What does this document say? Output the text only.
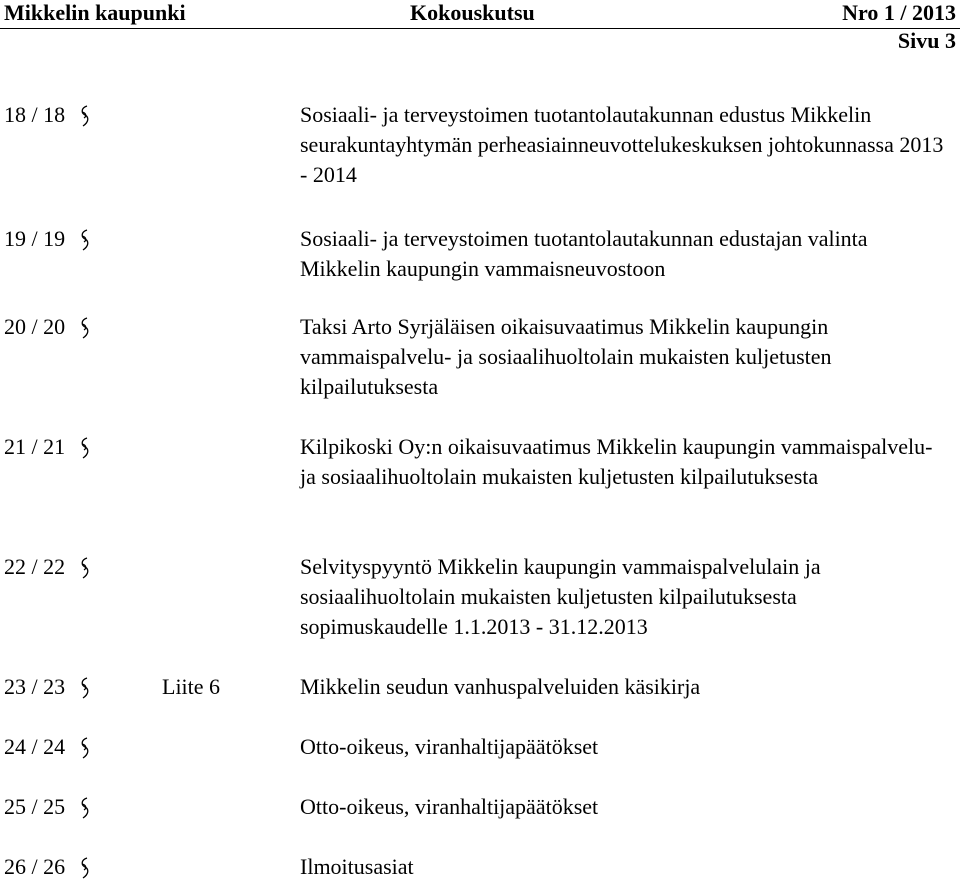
Mikkelin kaupunki	Kokouskutsu	Nro 1 / 2013
Sivu 3
18 / 18	Sosiaali- ja terveystoimen tuotantolautakunnan edustus Mikkelin seurakuntayhtymän perheasiainneuvottelukeskuksen johtokunnassa 2013 - 2014
19 / 19	Sosiaali- ja terveystoimen tuotantolautakunnan edustajan valinta Mikkelin kaupungin vammaisneuvostoon
20 / 20	Taksi Arto Syrjäläisen oikaisuvaatimus Mikkelin kaupungin vammaispalvelu- ja sosiaalihuoltolain mukaisten kuljetusten kilpailutuksesta
21 / 21	Kilpikoski Oy:n oikaisuvaatimus Mikkelin kaupungin vammaispalvelu- ja sosiaalihuoltolain mukaisten kuljetusten kilpailutuksesta
22 / 22	Selvityspyyntö Mikkelin kaupungin vammaispalvelulain ja sosiaalihuoltolain mukaisten kuljetusten kilpailutuksesta sopimuskaudelle 1.1.2013 - 31.12.2013
23 / 23	Liite 6	Mikkelin seudun vanhuspalveluiden käsikirja
24 / 24	Otto-oikeus, viranhaltijapäätökset
25 / 25	Otto-oikeus, viranhaltijapäätökset
26 / 26	Ilmoitusasiat
